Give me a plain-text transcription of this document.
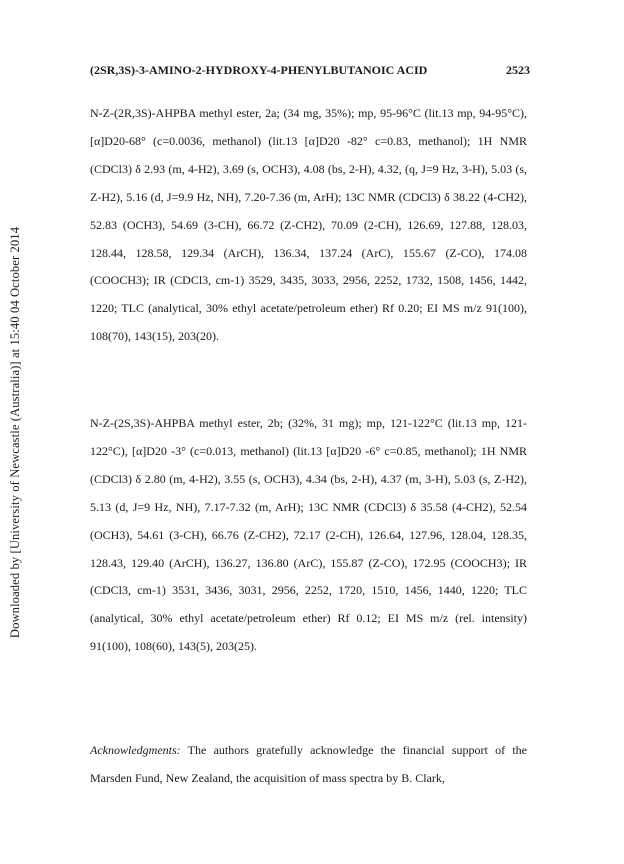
Downloaded by [University of Newcastle (Australia)] at 15:40 04 October 2014
(2SR,3S)-3-AMINO-2-HYDROXY-4-PHENYLBUTANOIC ACID	2523

N-Z-(2R,3S)-AHPBA methyl ester, 2a; (34 mg, 35%); mp, 95-96°C (lit.13 mp, 94-95°C), [α]D20-68° (c=0.0036, methanol) (lit.13 [α]D20 -82° c=0.83, methanol); 1H NMR (CDCl3) δ 2.93 (m, 4-H2), 3.69 (s, OCH3), 4.08 (bs, 2-H), 4.32, (q, J=9 Hz, 3-H), 5.03 (s, Z-H2), 5.16 (d, J=9.9 Hz, NH), 7.20-7.36 (m, ArH); 13C NMR (CDCl3) δ 38.22 (4-CH2), 52.83 (OCH3), 54.69 (3-CH), 66.72 (Z-CH2), 70.09 (2-CH), 126.69, 127.88, 128.03, 128.44, 128.58, 129.34 (ArCH), 136.34, 137.24 (ArC), 155.67 (Z-CO), 174.08 (COOCH3); IR (CDCl3, cm-1) 3529, 3435, 3033, 2956, 2252, 1732, 1508, 1456, 1442, 1220; TLC (analytical, 30% ethyl acetate/petroleum ether) Rf 0.20; EI MS m/z 91(100), 108(70), 143(15), 203(20).

N-Z-(2S,3S)-AHPBA methyl ester, 2b; (32%, 31 mg); mp, 121-122°C (lit.13 mp, 121-122°C), [α]D20 -3° (c=0.013, methanol) (lit.13 [α]D20 -6° c=0.85, methanol); 1H NMR (CDCl3) δ 2.80 (m, 4-H2), 3.55 (s, OCH3), 4.34 (bs, 2-H), 4.37 (m, 3-H), 5.03 (s, Z-H2), 5.13 (d, J=9 Hz, NH), 7.17-7.32 (m, ArH); 13C NMR (CDCl3) δ 35.58 (4-CH2), 52.54 (OCH3), 54.61 (3-CH), 66.76 (Z-CH2), 72.17 (2-CH), 126.64, 127.96, 128.04, 128.35, 128.43, 129.40 (ArCH), 136.27, 136.80 (ArC), 155.87 (Z-CO), 172.95 (COOCH3); IR (CDCl3, cm-1) 3531, 3436, 3031, 2956, 2252, 1720, 1510, 1456, 1440, 1220; TLC (analytical, 30% ethyl acetate/petroleum ether) Rf 0.12; EI MS m/z (rel. intensity) 91(100), 108(60), 143(5), 203(25).

Acknowledgments: The authors gratefully acknowledge the financial support of the Marsden Fund, New Zealand, the acquisition of mass spectra by B. Clark,
